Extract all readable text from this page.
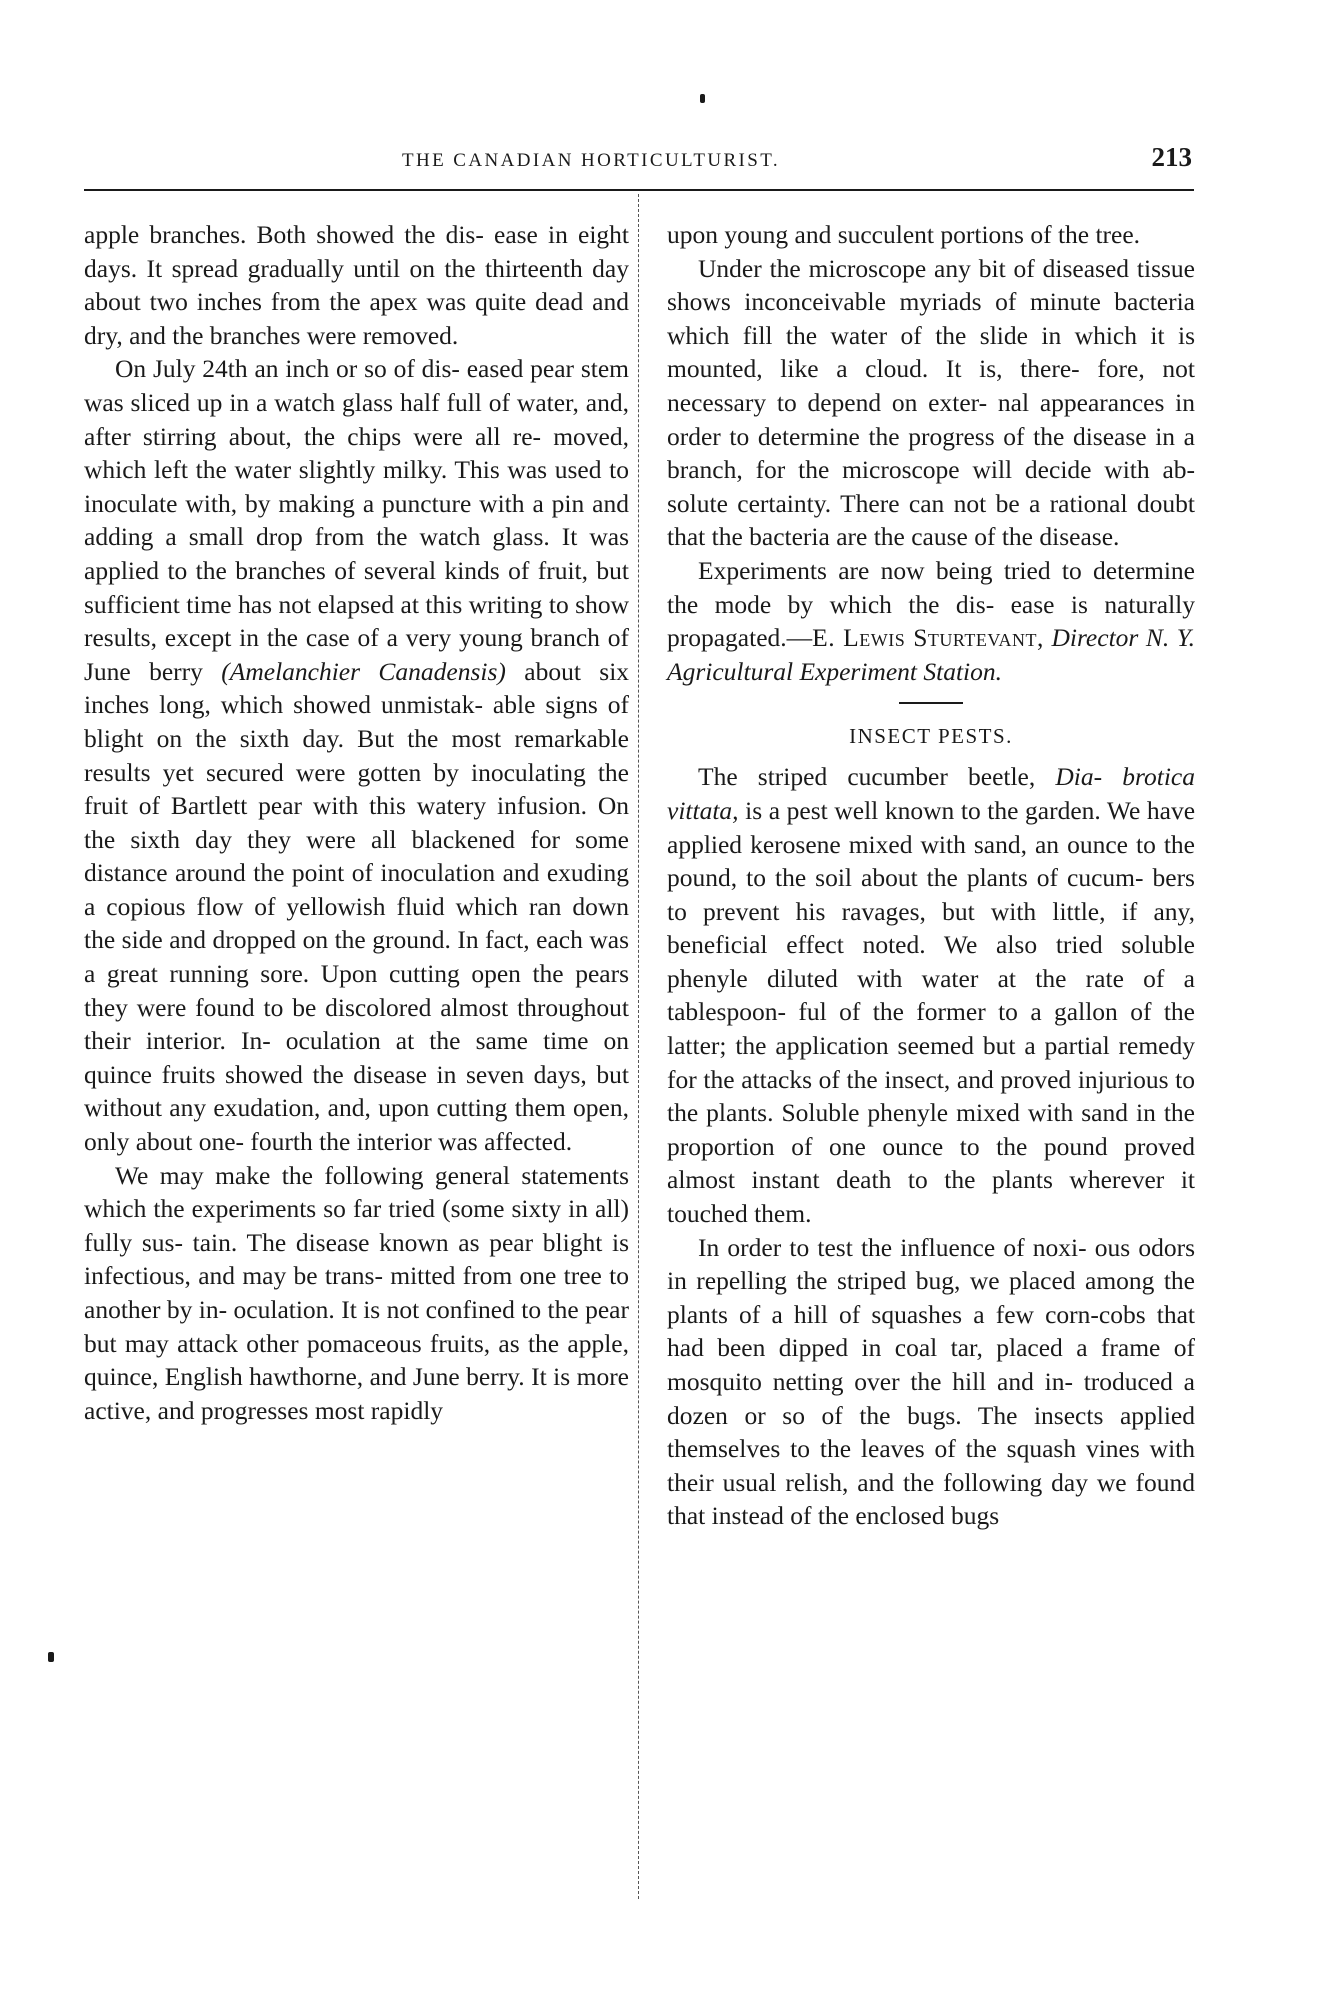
THE CANADIAN HORTICULTURIST.	213

apple branches. Both showed the dis- ease in eight days. It spread gradually until on the thirteenth day about two inches from the apex was quite dead and dry, and the branches were removed.

On July 24th an inch or so of dis- eased pear stem was sliced up in a watch glass half full of water, and, after stirring about, the chips were all re- moved, which left the water slightly milky. This was used to inoculate with, by making a puncture with a pin and adding a small drop from the watch glass. It was applied to the branches of several kinds of fruit, but sufficient time has not elapsed at this writing to show results, except in the case of a very young branch of June berry (Amelanchier Canadensis) about six inches long, which showed unmistak- able signs of blight on the sixth day. But the most remarkable results yet secured were gotten by inoculating the fruit of Bartlett pear with this watery infusion. On the sixth day they were all blackened for some distance around the point of inoculation and exuding a copious flow of yellowish fluid which ran down the side and dropped on the ground. In fact, each was a great running sore. Upon cutting open the pears they were found to be discolored almost throughout their interior. In- oculation at the same time on quince fruits showed the disease in seven days, but without any exudation, and, upon cutting them open, only about one- fourth the interior was affected.

We may make the following general statements which the experiments so far tried (some sixty in all) fully sus- tain. The disease known as pear blight is infectious, and may be trans- mitted from one tree to another by in- oculation. It is not confined to the pear but may attack other pomaceous fruits, as the apple, quince, English hawthorne, and June berry. It is more active, and progresses most rapidly

upon young and succulent portions of the tree.

Under the microscope any bit of diseased tissue shows inconceivable myriads of minute bacteria which fill the water of the slide in which it is mounted, like a cloud. It is, there- fore, not necessary to depend on exter- nal appearances in order to determine the progress of the disease in a branch, for the microscope will decide with ab- solute certainty. There can not be a rational doubt that the bacteria are the cause of the disease.

Experiments are now being tried to determine the mode by which the dis- ease is naturally propagated.—E. Lewis Sturtevant, Director N. Y. Agricultural Experiment Station.

INSECT PESTS.

The striped cucumber beetle, Dia- brotica vittata, is a pest well known to the garden. We have applied kerosene mixed with sand, an ounce to the pound, to the soil about the plants of cucum- bers to prevent his ravages, but with little, if any, beneficial effect noted. We also tried soluble phenyle diluted with water at the rate of a tablespoon- ful of the former to a gallon of the latter; the application seemed but a partial remedy for the attacks of the insect, and proved injurious to the plants. Soluble phenyle mixed with sand in the proportion of one ounce to the pound proved almost instant death to the plants wherever it touched them.

In order to test the influence of noxi- ous odors in repelling the striped bug, we placed among the plants of a hill of squashes a few corn-cobs that had been dipped in coal tar, placed a frame of mosquito netting over the hill and in- troduced a dozen or so of the bugs. The insects applied themselves to the leaves of the squash vines with their usual relish, and the following day we found that instead of the enclosed bugs
